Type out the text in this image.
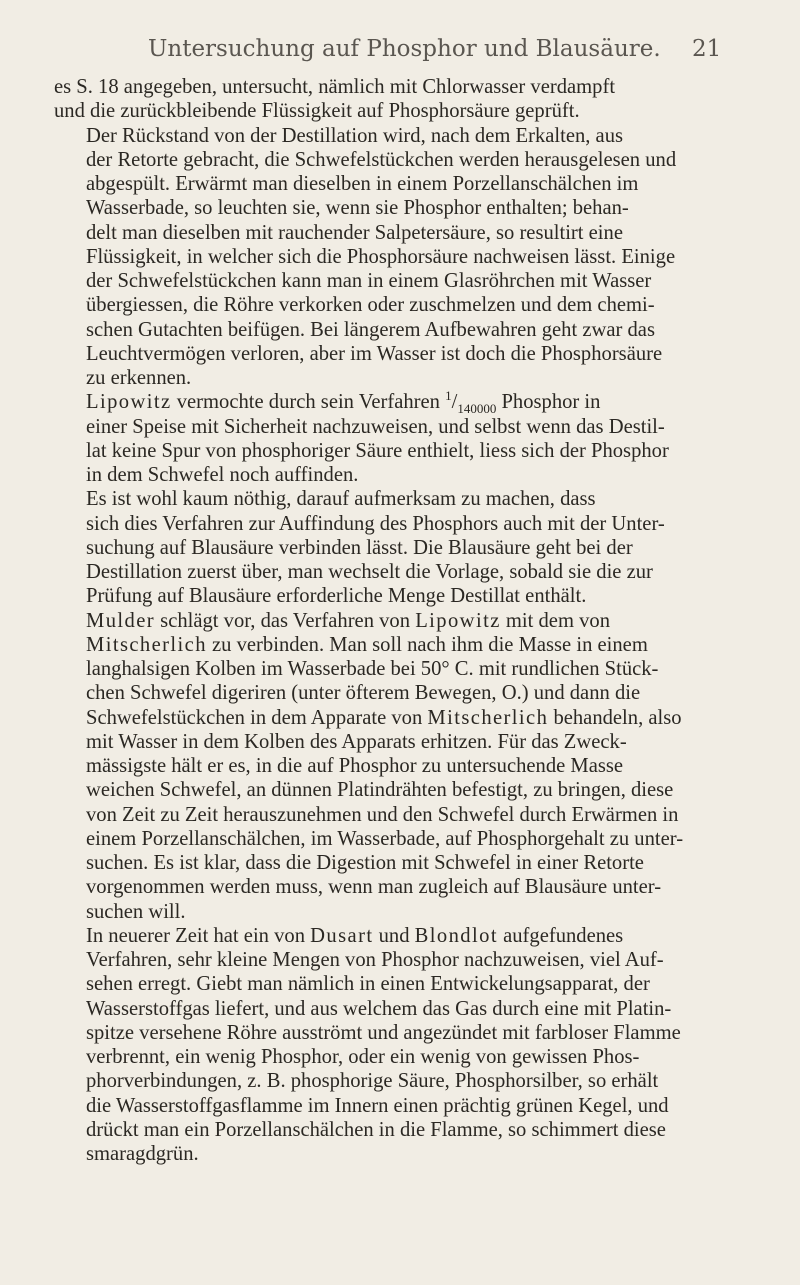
Untersuchung auf Phosphor und Blausäure. 21

es S. 18 angegeben, untersucht, nämlich mit Chlorwasser verdampft
und die zurückbleibende Flüssigkeit auf Phosphorsäure geprüft.

Der Rückstand von der Destillation wird, nach dem Erkalten, aus
der Retorte gebracht, die Schwefelstückchen werden herausgelesen und
abgespült. Erwärmt man dieselben in einem Porzellanschälchen im
Wasserbade, so leuchten sie, wenn sie Phosphor enthalten; behan-
delt man dieselben mit rauchender Salpetersäure, so resultirt eine
Flüssigkeit, in welcher sich die Phosphorsäure nachweisen lässt. Einige
der Schwefelstückchen kann man in einem Glasröhrchen mit Wasser
übergiessen, die Röhre verkorken oder zuschmelzen und dem chemi-
schen Gutachten beifügen. Bei längerem Aufbewahren geht zwar das
Leuchtvermögen verloren, aber im Wasser ist doch die Phosphorsäure
zu erkennen.

Lipowitz vermochte durch sein Verfahren $^1/_{140000}$ Phosphor in
einer Speise mit Sicherheit nachzuweisen, und selbst wenn das Destil-
lat keine Spur von phosphoriger Säure enthielt, liess sich der Phosphor
in dem Schwefel noch auffinden.

Es ist wohl kaum nöthig, darauf aufmerksam zu machen, dass
sich dies Verfahren zur Auffindung des Phosphors auch mit der Unter-
suchung auf Blausäure verbinden lässt. Die Blausäure geht bei der
Destillation zuerst über, man wechselt die Vorlage, sobald sie die zur
Prüfung auf Blausäure erforderliche Menge Destillat enthält.

Mulder schlägt vor, das Verfahren von Lipowitz mit dem von
Mitscherlich zu verbinden. Man soll nach ihm die Masse in einem
langhalsigen Kolben im Wasserbade bei 50° C. mit rundlichen Stück-
chen Schwefel digeriren (unter öfterem Bewegen, O.) und dann die
Schwefelstückchen in dem Apparate von Mitscherlich behandeln, also
mit Wasser in dem Kolben des Apparats erhitzen. Für das Zweck-
mässigste hält er es, in die auf Phosphor zu untersuchende Masse
weichen Schwefel, an dünnen Platindrähten befestigt, zu bringen, diese
von Zeit zu Zeit herauszunehmen und den Schwefel durch Erwärmen in
einem Porzellanschälchen, im Wasserbade, auf Phosphorgehalt zu unter-
suchen. Es ist klar, dass die Digestion mit Schwefel in einer Retorte
vorgenommen werden muss, wenn man zugleich auf Blausäure unter-
suchen will.

In neuerer Zeit hat ein von Dusart und Blondlot aufgefundenes
Verfahren, sehr kleine Mengen von Phosphor nachzuweisen, viel Auf-
sehen erregt. Giebt man nämlich in einen Entwickelungsapparat, der
Wasserstoffgas liefert, und aus welchem das Gas durch eine mit Platin-
spitze versehene Röhre ausströmt und angezündet mit farbloser Flamme
verbrennt, ein wenig Phosphor, oder ein wenig von gewissen Phos-
phorverbindungen, z. B. phosphorige Säure, Phosphorsilber, so erhält
die Wasserstoffgasflamme im Innern einen prächtig grünen Kegel, und
drückt man ein Porzellanschälchen in die Flamme, so schimmert diese
smaragdgrün.
